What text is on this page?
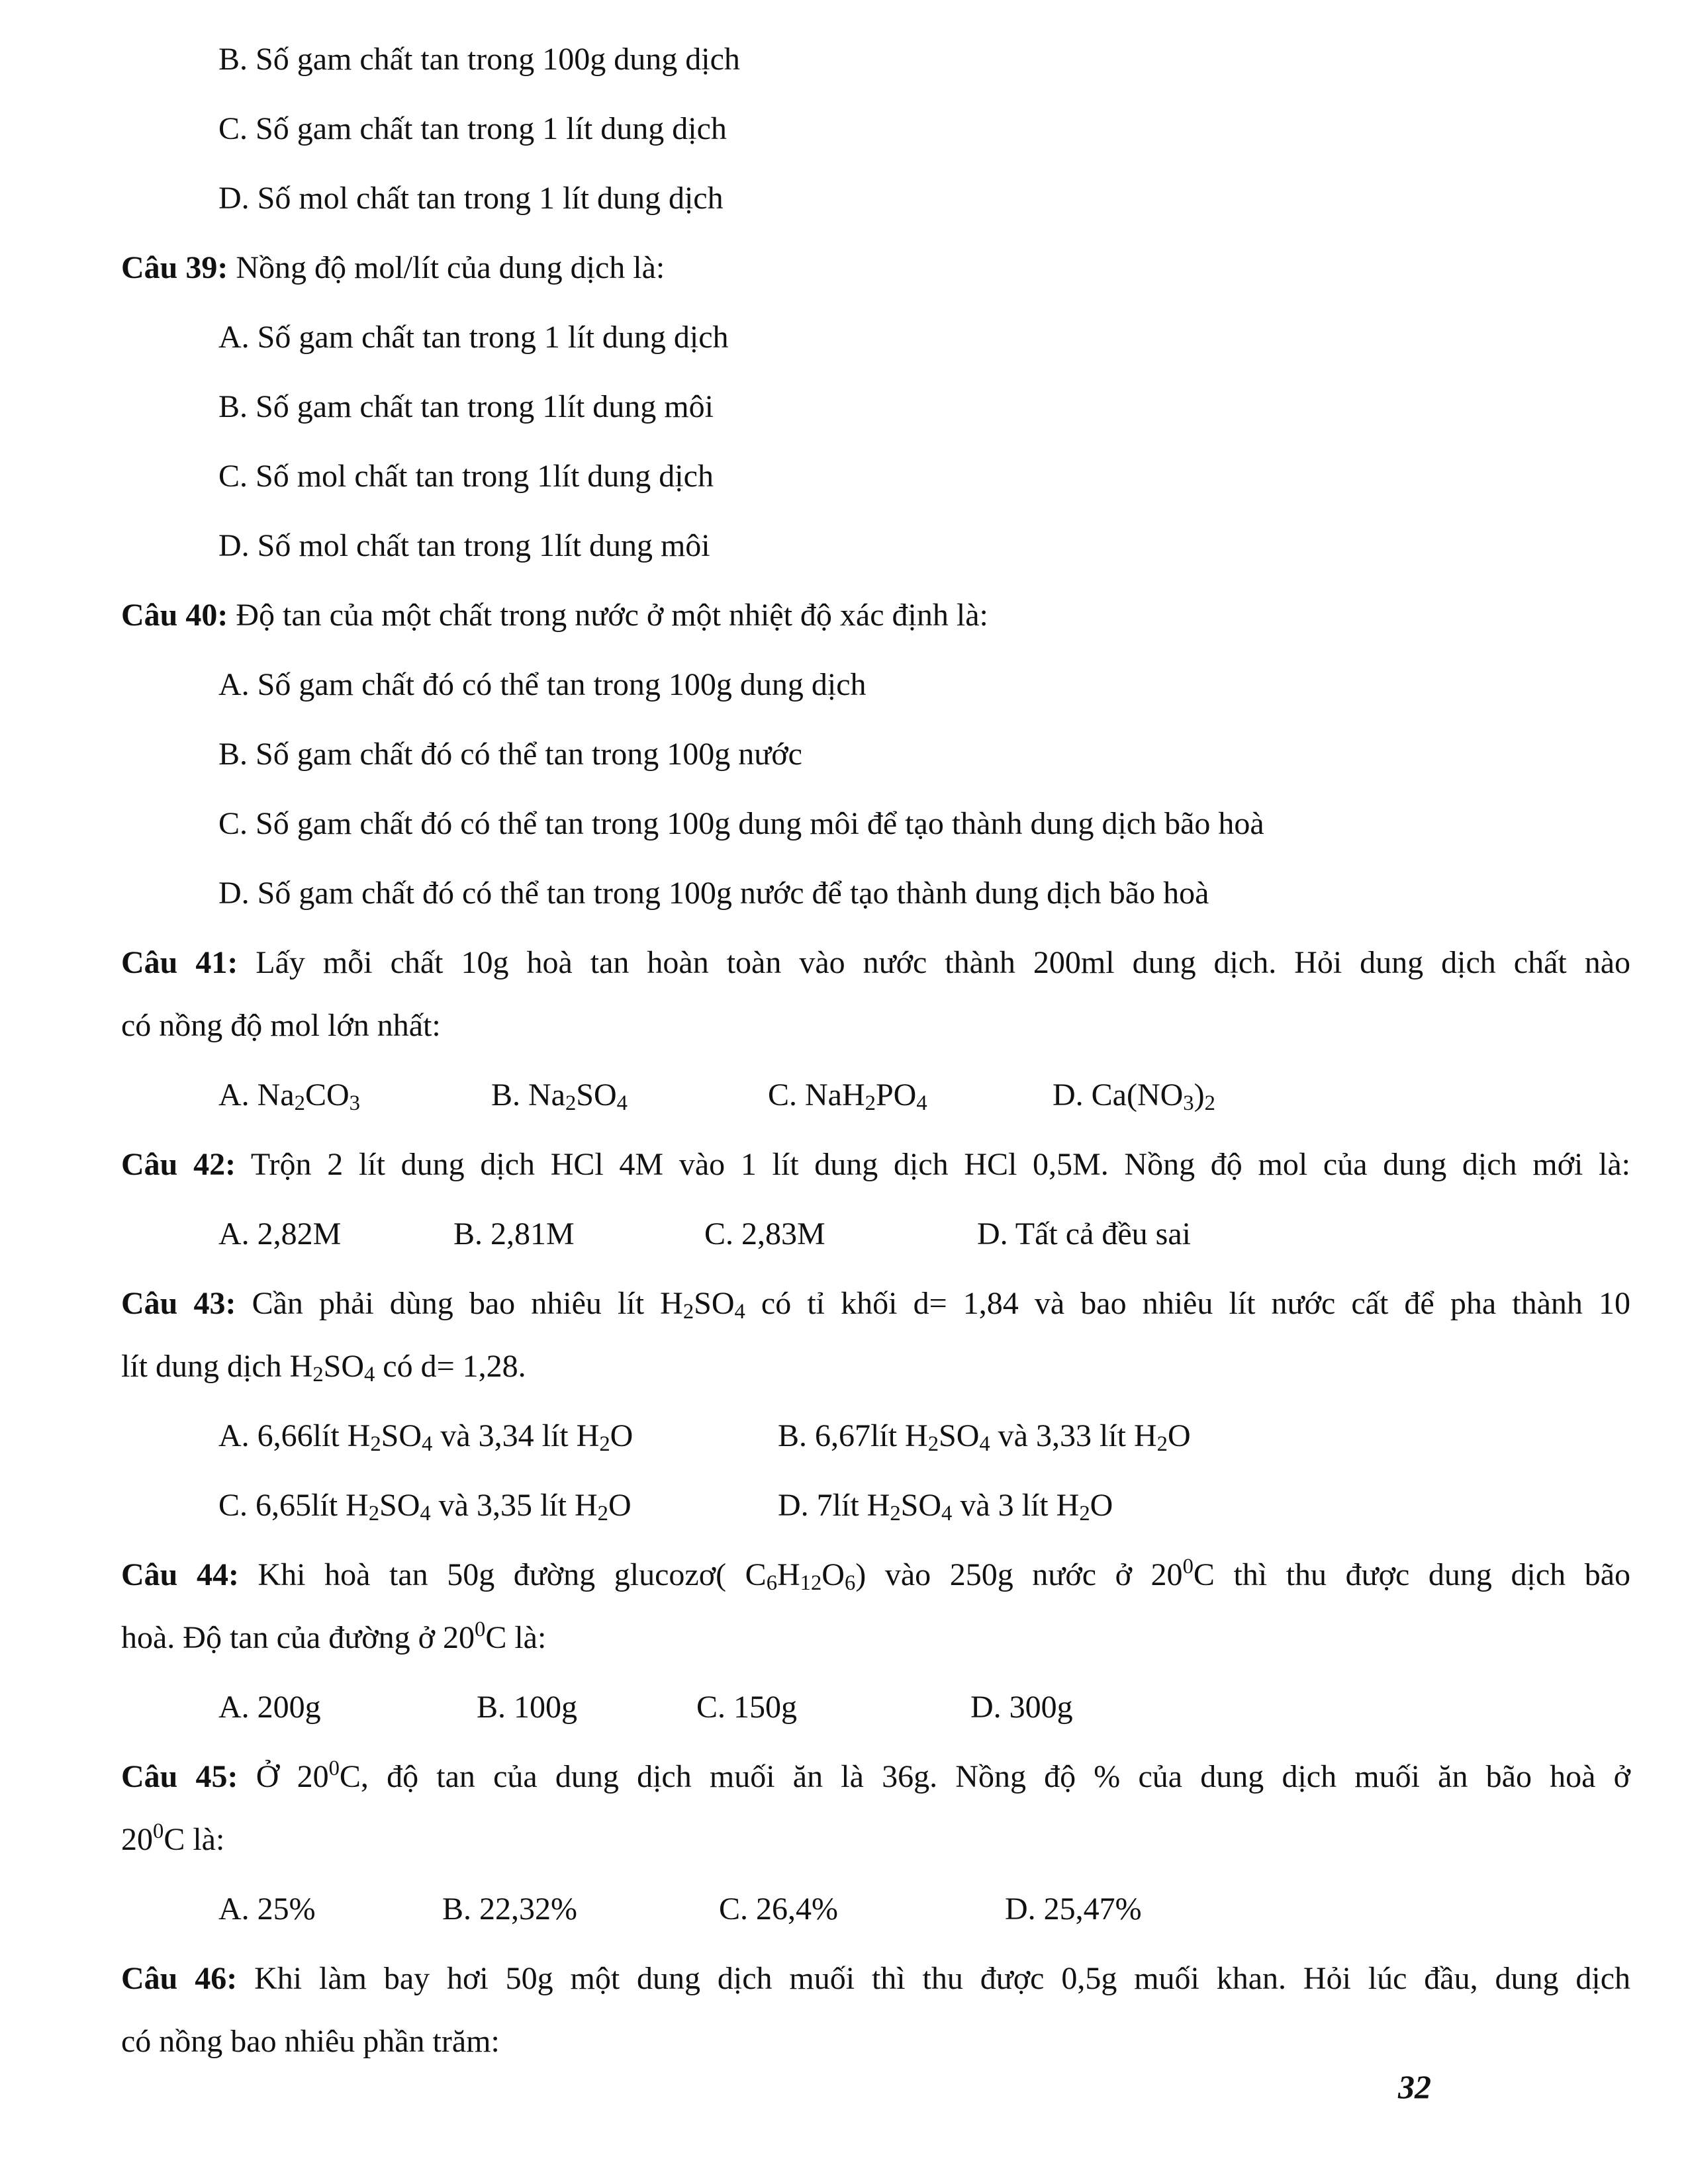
B. Số gam chất tan trong 100g dung dịch
C. Số gam chất tan trong 1 lít dung dịch
D. Số mol chất tan trong 1 lít dung dịch
Câu 39: Nồng độ mol/lít của dung dịch là:
A. Số gam chất tan trong 1 lít dung dịch
B. Số gam chất tan trong 1lít dung môi
C. Số mol chất tan trong 1lít dung dịch
D. Số mol chất tan trong 1lít dung môi
Câu 40: Độ tan của một chất trong nước ở một nhiệt độ xác định là:
A. Số gam chất đó có thể tan trong 100g dung dịch
B. Số gam chất đó có thể tan trong 100g nước
C. Số gam chất đó có thể tan trong 100g dung môi để tạo thành dung dịch bão hoà
D. Số gam chất đó có thể tan trong 100g nước để tạo thành dung dịch bão hoà
Câu 41: Lấy mỗi chất 10g hoà tan hoàn toàn vào nước thành 200ml dung dịch. Hỏi dung dịch chất nào
có nồng độ mol lớn nhất:
A. $Na_2CO_3$	B. $Na_2SO_4$	C. $NaH_2PO_4$	D. $Ca(NO_3)_2$
Câu 42: Trộn 2 lít dung dịch HCl 4M vào 1 lít dung dịch HCl 0,5M. Nồng độ mol của dung dịch mới là:
A. 2,82M	B. 2,81M	C. 2,83M	D. Tất cả đều sai
Câu 43: Cần phải dùng bao nhiêu lít $H_2SO_4$ có tỉ khối d= 1,84 và bao nhiêu lít nước cất để pha thành 10
lít dung dịch $H_2SO_4$ có d= 1,28.
A. 6,66lít $H_2SO_4$ và 3,34 lít $H_2O$	B. 6,67lít $H_2SO_4$ và 3,33 lít $H_2O$
C. 6,65lít $H_2SO_4$ và 3,35 lít $H_2O$	D. 7lít $H_2SO_4$ và 3 lít $H_2O$
Câu 44: Khi hoà tan 50g đường glucozơ( $C_6H_{12}O_6$) vào 250g nước ở $20^0C$ thì thu được dung dịch bão
hoà. Độ tan của đường ở $20^0C$ là:
A. 200g	B. 100g	C. 150g	D. 300g
Câu 45: Ở $20^0C$, độ tan của dung dịch muối ăn là 36g. Nồng độ % của dung dịch muối ăn bão hoà ở
$20^0C$ là:
A. 25%	B. 22,32%	C. 26,4%	D. 25,47%
Câu 46: Khi làm bay hơi 50g một dung dịch muối thì thu được 0,5g muối khan. Hỏi lúc đầu, dung dịch
có nồng bao nhiêu phần trăm:
32
